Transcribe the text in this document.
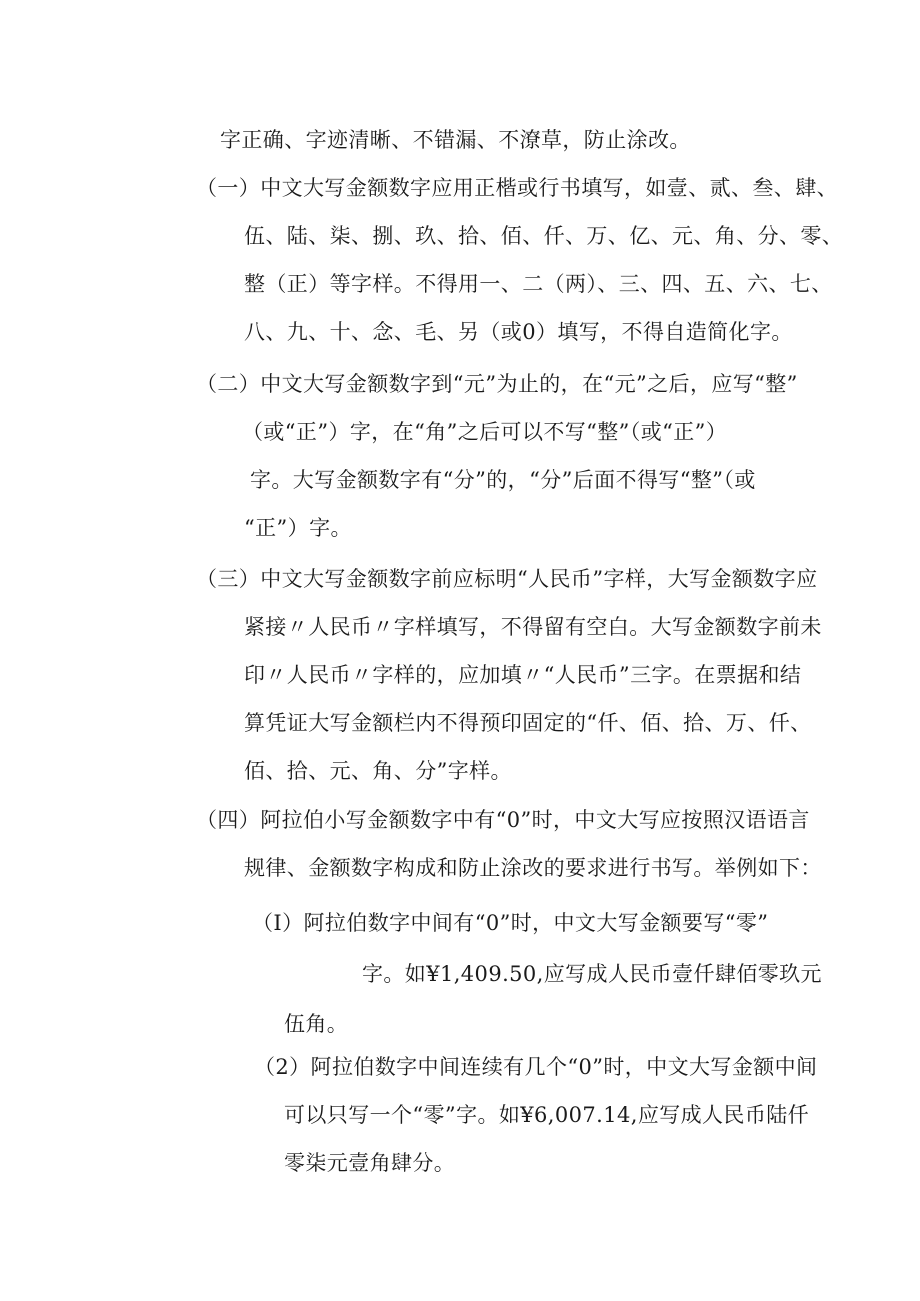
字正确、字迹清晰、不错漏、不潦草，防止涂改。
（一）中文大写金额数字应用正楷或行书填写，如壹、贰、叁、肆、
伍、陆、柒、捌、玖、拾、佰、仟、万、亿、元、角、分、零、
整（正）等字样。不得用一、二（两）、三、四、五、六、七、
八、九、十、念、毛、另（或0）填写，不得自造简化字。
（二）中文大写金额数字到“元”为止的，在“元”之后，应写“整”
（或“正”）字，在“角”之后可以不写“整”（或“正”）
字。大写金额数字有“分”的，“分”后面不得写“整”（或
“正”）字。
（三）中文大写金额数字前应标明“人民币”字样，大写金额数字应
紧接〃人民币〃字样填写，不得留有空白。大写金额数字前未
印〃人民币〃字样的，应加填〃“人民币”三字。在票据和结
算凭证大写金额栏内不得预印固定的“仟、佰、拾、万、仟、
佰、拾、元、角、分”字样。
（四）阿拉伯小写金额数字中有“0”时，中文大写应按照汉语语言
规律、金额数字构成和防止涂改的要求进行书写。举例如下：
（I）阿拉伯数字中间有“0”时，中文大写金额要写“零”
字。如¥1,409.50,应写成人民币壹仟肆佰零玖元
伍角。
（2）阿拉伯数字中间连续有几个“0”时，中文大写金额中间
可以只写一个“零”字。如¥6,007.14,应写成人民币陆仟
零柒元壹角肆分。
